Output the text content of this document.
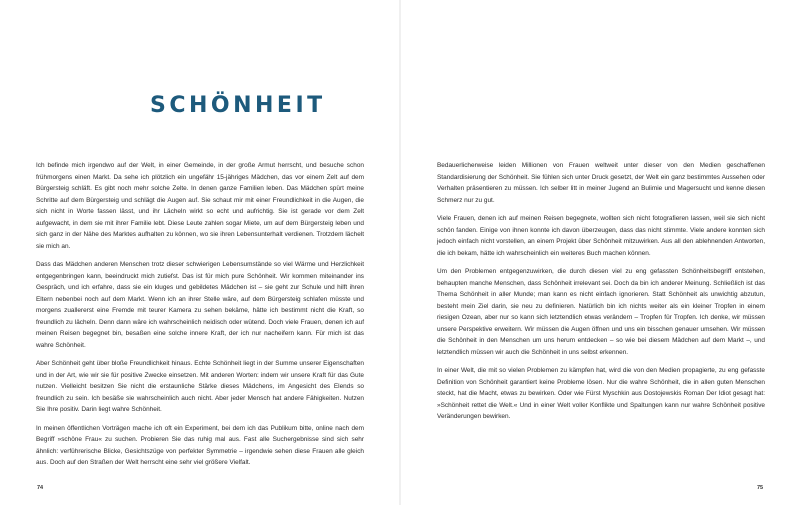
SCHÖNHEIT

Ich befinde mich irgendwo auf der Welt, in einer Gemeinde, in der große Armut herrscht, und besuche schon frühmorgens einen Markt. Da sehe ich plötzlich ein ungefähr 15-jähriges Mädchen, das vor einem Zelt auf dem Bürgersteig schläft. Es gibt noch mehr solche Zelte. In denen ganze Familien leben. Das Mädchen spürt meine Schritte auf dem Bürgersteig und schlägt die Augen auf. Sie schaut mir mit einer Freundlichkeit in die Augen, die sich nicht in Worte fassen lässt, und ihr Lächeln wirkt so echt und aufrichtig. Sie ist gerade vor dem Zelt aufgewacht, in dem sie mit ihrer Familie lebt. Diese Leute zahlen sogar Miete, um auf dem Bürgersteig leben und sich ganz in der Nähe des Marktes aufhalten zu können, wo sie ihren Lebensunterhalt verdienen. Trotzdem lächelt sie mich an.

Dass das Mädchen anderen Menschen trotz dieser schwierigen Lebensumstände so viel Wärme und Herzlichkeit entgegenbringen kann, beeindruckt mich zutiefst. Das ist für mich pure Schönheit. Wir kommen miteinander ins Gespräch, und ich erfahre, dass sie ein kluges und gebildetes Mädchen ist – sie geht zur Schule und hilft ihren Eltern nebenbei noch auf dem Markt. Wenn ich an ihrer Stelle wäre, auf dem Bürgersteig schlafen müsste und morgens zuallererst eine Fremde mit teurer Kamera zu sehen bekäme, hätte ich bestimmt nicht die Kraft, so freundlich zu lächeln. Denn dann wäre ich wahrscheinlich neidisch oder wütend. Doch viele Frauen, denen ich auf meinen Reisen begegnet bin, besaßen eine solche innere Kraft, der ich nur nacheifern kann. Für mich ist das wahre Schönheit.

Aber Schönheit geht über bloße Freundlichkeit hinaus. Echte Schönheit liegt in der Summe unserer Eigenschaften und in der Art, wie wir sie für positive Zwecke einsetzen. Mit anderen Worten: indem wir unsere Kraft für das Gute nutzen. Vielleicht besitzen Sie nicht die erstaunliche Stärke dieses Mädchens, im Angesicht des Elends so freundlich zu sein. Ich besäße sie wahrscheinlich auch nicht. Aber jeder Mensch hat andere Fähigkeiten. Nutzen Sie Ihre positiv. Darin liegt wahre Schönheit.

In meinen öffentlichen Vorträgen mache ich oft ein Experiment, bei dem ich das Publikum bitte, online nach dem Begriff »schöne Frau« zu suchen. Probieren Sie das ruhig mal aus. Fast alle Suchergebnisse sind sich sehr ähnlich: verführerische Blicke, Gesichtszüge von perfekter Symmetrie – irgendwie sehen diese Frauen alle gleich aus. Doch auf den Straßen der Welt herrscht eine sehr viel größere Vielfalt.

74

Bedauerlicherweise leiden Millionen von Frauen weltweit unter dieser von den Medien geschaffenen Standardisierung der Schönheit. Sie fühlen sich unter Druck gesetzt, der Welt ein ganz bestimmtes Aussehen oder Verhalten präsentieren zu müssen. Ich selber litt in meiner Jugend an Bulimie und Magersucht und kenne diesen Schmerz nur zu gut.

Viele Frauen, denen ich auf meinen Reisen begegnete, wollten sich nicht fotografieren lassen, weil sie sich nicht schön fanden. Einige von ihnen konnte ich davon überzeugen, dass das nicht stimmte. Viele andere konnten sich jedoch einfach nicht vorstellen, an einem Projekt über Schönheit mitzuwirken. Aus all den ablehnenden Antworten, die ich bekam, hätte ich wahrscheinlich ein weiteres Buch machen können.

Um den Problemen entgegenzuwirken, die durch diesen viel zu eng gefassten Schönheitsbegriff entstehen, behaupten manche Menschen, dass Schönheit irrelevant sei. Doch da bin ich anderer Meinung. Schließlich ist das Thema Schönheit in aller Munde; man kann es nicht einfach ignorieren. Statt Schönheit als unwichtig abzutun, besteht mein Ziel darin, sie neu zu definieren. Natürlich bin ich nichts weiter als ein kleiner Tropfen in einem riesigen Ozean, aber nur so kann sich letztendlich etwas verändern – Tropfen für Tropfen. Ich denke, wir müssen unsere Perspektive erweitern. Wir müssen die Augen öffnen und uns ein bisschen genauer umsehen. Wir müssen die Schönheit in den Menschen um uns herum entdecken – so wie bei diesem Mädchen auf dem Markt –, und letztendlich müssen wir auch die Schönheit in uns selbst erkennen.

In einer Welt, die mit so vielen Problemen zu kämpfen hat, wird die von den Medien propagierte, zu eng gefasste Definition von Schönheit garantiert keine Probleme lösen. Nur die wahre Schönheit, die in allen guten Menschen steckt, hat die Macht, etwas zu bewirken. Oder wie Fürst Myschkin aus Dostojewskis Roman Der Idiot gesagt hat: »Schönheit rettet die Welt.« Und in einer Welt voller Konflikte und Spaltungen kann nur wahre Schönheit positive Veränderungen bewirken.

75
